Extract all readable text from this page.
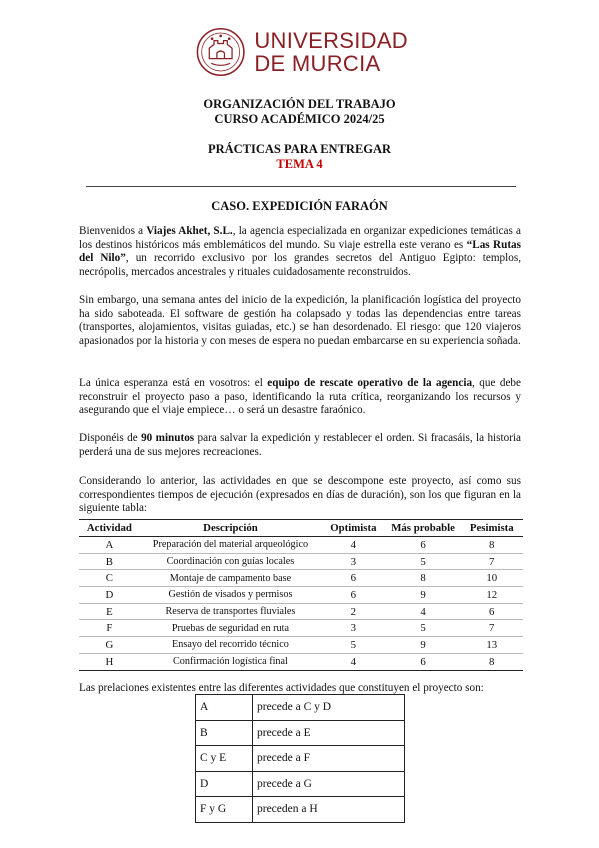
UNIVERSIDAD
DE MURCIA
ORGANIZACIÓN DEL TRABAJO
CURSO ACADÉMICO 2024/25
PRÁCTICAS PARA ENTREGAR
TEMA 4
CASO. EXPEDICIÓN FARAÓN
Bienvenidos a Viajes Akhet, S.L., la agencia especializada en organizar expediciones temáticas a los destinos históricos más emblemáticos del mundo. Su viaje estrella este verano es “Las Rutas del Nilo”, un recorrido exclusivo por los grandes secretos del Antiguo Egipto: templos, necrópolis, mercados ancestrales y rituales cuidadosamente reconstruidos.
Sin embargo, una semana antes del inicio de la expedición, la planificación logística del proyecto ha sido saboteada. El software de gestión ha colapsado y todas las dependencias entre tareas (transportes, alojamientos, visitas guiadas, etc.) se han desordenado. El riesgo: que 120 viajeros apasionados por la historia y con meses de espera no puedan embarcarse en su experiencia soñada.
La única esperanza está en vosotros: el equipo de rescate operativo de la agencia, que debe reconstruir el proyecto paso a paso, identificando la ruta crítica, reorganizando los recursos y asegurando que el viaje empiece… o será un desastre faraónico.
Disponéis de 90 minutos para salvar la expedición y restablecer el orden. Si fracasáis, la historia perderá una de sus mejores recreaciones.
Considerando lo anterior, las actividades en que se descompone este proyecto, así como sus correspondientes tiempos de ejecución (expresados en días de duración), son los que figuran en la siguiente tabla:
Actividad	Descripción	Optimista	Más probable	Pesimista
A	Preparación del material arqueológico	4	6	8
B	Coordinación con guías locales	3	5	7
C	Montaje de campamento base	6	8	10
D	Gestión de visados y permisos	6	9	12
E	Reserva de transportes fluviales	2	4	6
F	Pruebas de seguridad en ruta	3	5	7
G	Ensayo del recorrido técnico	5	9	13
H	Confirmación logística final	4	6	8
Las prelaciones existentes entre las diferentes actividades que constituyen el proyecto son:
A	precede a C y D
B	precede a E
C y E	precede a F
D	precede a G
F y G	preceden a H
